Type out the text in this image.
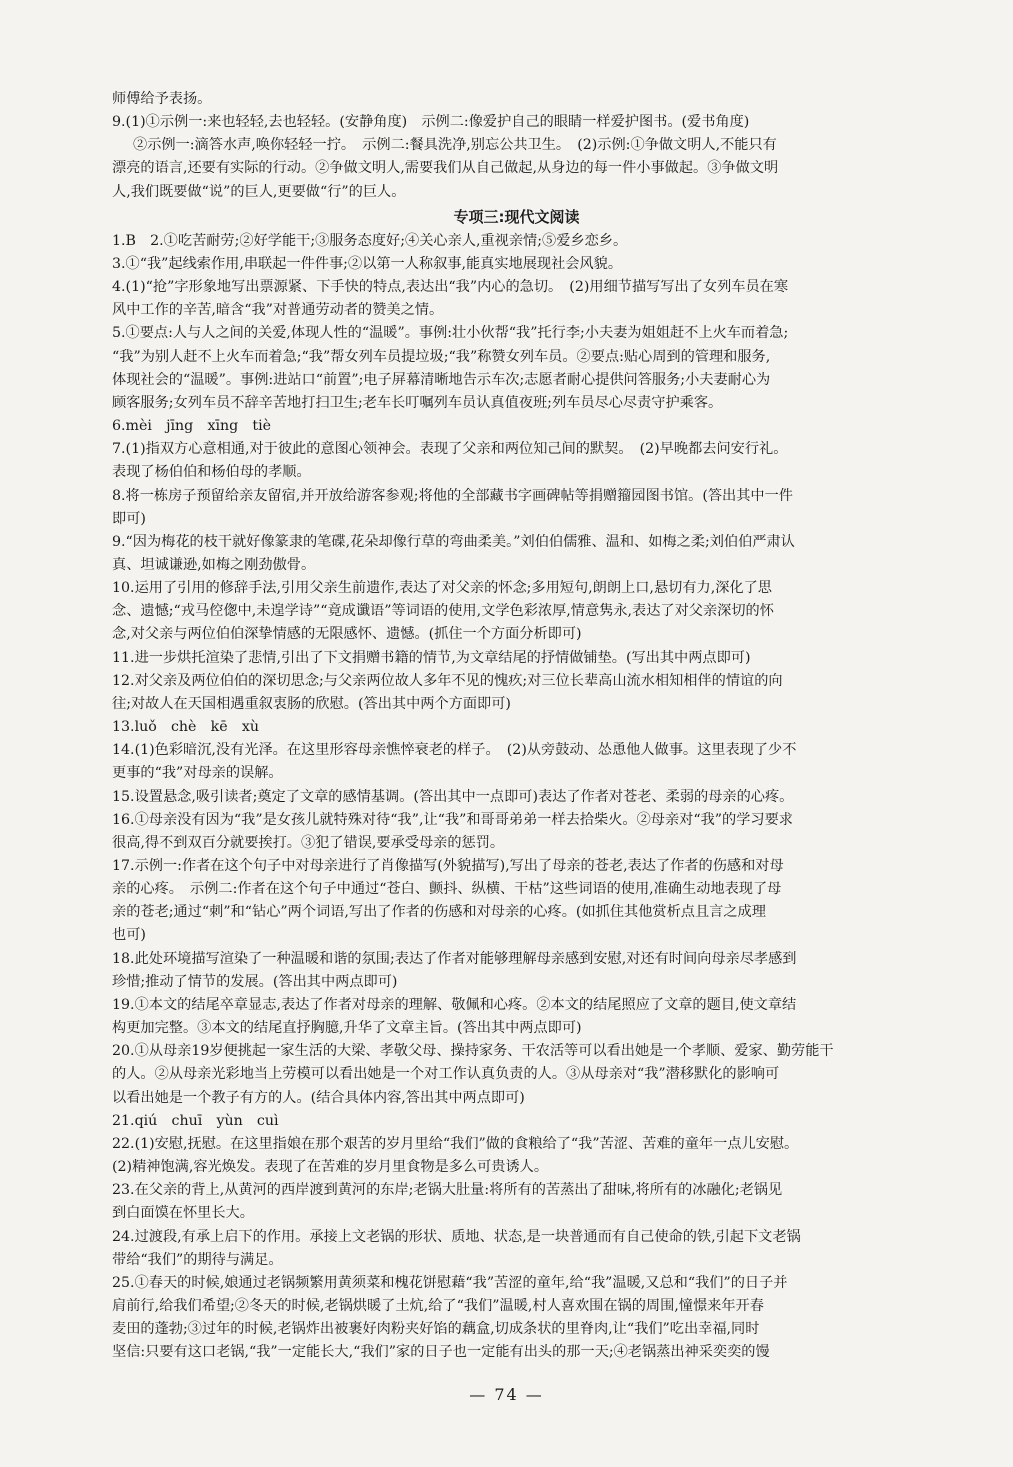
师傅给予表扬。

9.(1)①示例一:来也轻轻,去也轻轻。(安静角度)　示例二:像爱护自己的眼睛一样爱护图书。(爱书角度)

②示例一:滴答水声,唤你轻轻一拧。　示例二:餐具洗净,别忘公共卫生。　(2)示例:①争做文明人,不能只有

漂亮的语言,还要有实际的行动。②争做文明人,需要我们从自己做起,从身边的每一件小事做起。③争做文明

人,我们既要做“说”的巨人,更要做“行”的巨人。

专项三:现代文阅读

1.B　2.①吃苦耐劳;②好学能干;③服务态度好;④关心亲人,重视亲情;⑤爱乡恋乡。

3.①“我”起线索作用,串联起一件件事;②以第一人称叙事,能真实地展现社会风貌。

4.(1)“抢”字形象地写出票源紧、下手快的特点,表达出“我”内心的急切。　(2)用细节描写写出了女列车员在寒

风中工作的辛苦,暗含“我”对普通劳动者的赞美之情。

5.①要点:人与人之间的关爱,体现人性的“温暖”。事例:壮小伙帮“我”托行李;小夫妻为姐姐赶不上火车而着急;

“我”为别人赶不上火车而着急;“我”帮女列车员提垃圾;“我”称赞女列车员。②要点:贴心周到的管理和服务,

体现社会的“温暖”。事例:进站口“前置”;电子屏幕清晰地告示车次;志愿者耐心提供问答服务;小夫妻耐心为

顾客服务;女列车员不辞辛苦地打扫卫生;老车长叮嘱列车员认真值夜班;列车员尽心尽责守护乘客。

6.mèi　jīng　xīng　tiè

7.(1)指双方心意相通,对于彼此的意图心领神会。表现了父亲和两位知己间的默契。　(2)早晚都去问安行礼。

表现了杨伯伯和杨伯母的孝顺。

8.将一栋房子预留给亲友留宿,并开放给游客参观;将他的全部藏书字画碑帖等捐赠籀园图书馆。(答出其中一件

即可)

9.“因为梅花的枝干就好像篆隶的笔碟,花朵却像行草的弯曲柔美。”刘伯伯儒雅、温和、如梅之柔;刘伯伯严肃认

真、坦诚谦逊,如梅之刚劲傲骨。

10.运用了引用的修辞手法,引用父亲生前遗作,表达了对父亲的怀念;多用短句,朗朗上口,悬切有力,深化了思

念、遗憾;“戎马倥偬中,未遑学诗”“竟成谶语”等词语的使用,文学色彩浓厚,情意隽永,表达了对父亲深切的怀

念,对父亲与两位伯伯深挚情感的无限感怀、遗憾。(抓住一个方面分析即可)

11.进一步烘托渲染了悲情,引出了下文捐赠书籍的情节,为文章结尾的抒情做铺垫。(写出其中两点即可)

12.对父亲及两位伯伯的深切思念;与父亲两位故人多年不见的愧疚;对三位长辈高山流水相知相伴的情谊的向

往;对故人在天国相遇重叙衷肠的欣慰。(答出其中两个方面即可)

13.luǒ　chè　kē　xù

14.(1)色彩暗沉,没有光泽。在这里形容母亲憔悴衰老的样子。　(2)从旁鼓动、怂恿他人做事。这里表现了少不

更事的“我”对母亲的误解。

15.设置悬念,吸引读者;奠定了文章的感情基调。(答出其中一点即可)表达了作者对苍老、柔弱的母亲的心疼。

16.①母亲没有因为“我”是女孩儿就特殊对待“我”,让“我”和哥哥弟弟一样去拾柴火。②母亲对“我”的学习要求

很高,得不到双百分就要挨打。③犯了错误,要承受母亲的惩罚。

17.示例一:作者在这个句子中对母亲进行了肖像描写(外貌描写),写出了母亲的苍老,表达了作者的伤感和对母

亲的心疼。　示例二:作者在这个句子中通过“苍白、颤抖、纵横、干枯”这些词语的使用,准确生动地表现了母

亲的苍老;通过“刺”和“钻心”两个词语,写出了作者的伤感和对母亲的心疼。(如抓住其他赏析点且言之成理

也可)

18.此处环境描写渲染了一种温暖和谐的氛围;表达了作者对能够理解母亲感到安慰,对还有时间向母亲尽孝感到

珍惜;推动了情节的发展。(答出其中两点即可)

19.①本文的结尾卒章显志,表达了作者对母亲的理解、敬佩和心疼。②本文的结尾照应了文章的题目,使文章结

构更加完整。③本文的结尾直抒胸臆,升华了文章主旨。(答出其中两点即可)

20.①从母亲19岁便挑起一家生活的大梁、孝敬父母、操持家务、干农活等可以看出她是一个孝顺、爱家、勤劳能干

的人。②从母亲光彩地当上劳模可以看出她是一个对工作认真负责的人。③从母亲对“我”潜移默化的影响可

以看出她是一个教子有方的人。(结合具体内容,答出其中两点即可)

21.qiú　chuī　yùn　cuì

22.(1)安慰,抚慰。在这里指娘在那个艰苦的岁月里给“我们”做的食粮给了“我”苦涩、苦难的童年一点儿安慰。

(2)精神饱满,容光焕发。表现了在苦难的岁月里食物是多么可贵诱人。

23.在父亲的背上,从黄河的西岸渡到黄河的东岸;老锅大肚量:将所有的苦蒸出了甜味,将所有的冰融化;老锅见

到白面馍在怀里长大。

24.过渡段,有承上启下的作用。承接上文老锅的形状、质地、状态,是一块普通而有自己使命的铁,引起下文老锅

带给“我们”的期待与满足。

25.①春天的时候,娘通过老锅频繁用黄须菜和槐花饼慰藉“我”苦涩的童年,给“我”温暖,又总和“我们”的日子并

肩前行,给我们希望;②冬天的时候,老锅烘暖了土炕,给了“我们”温暖,村人喜欢围在锅的周围,憧憬来年开春

麦田的蓬勃;③过年的时候,老锅炸出被裹好肉粉夹好馅的藕盒,切成条状的里脊肉,让“我们”吃出幸福,同时

坚信:只要有这口老锅,“我”一定能长大,“我们”家的日子也一定能有出头的那一天;④老锅蒸出神采奕奕的馒

— 74 —
